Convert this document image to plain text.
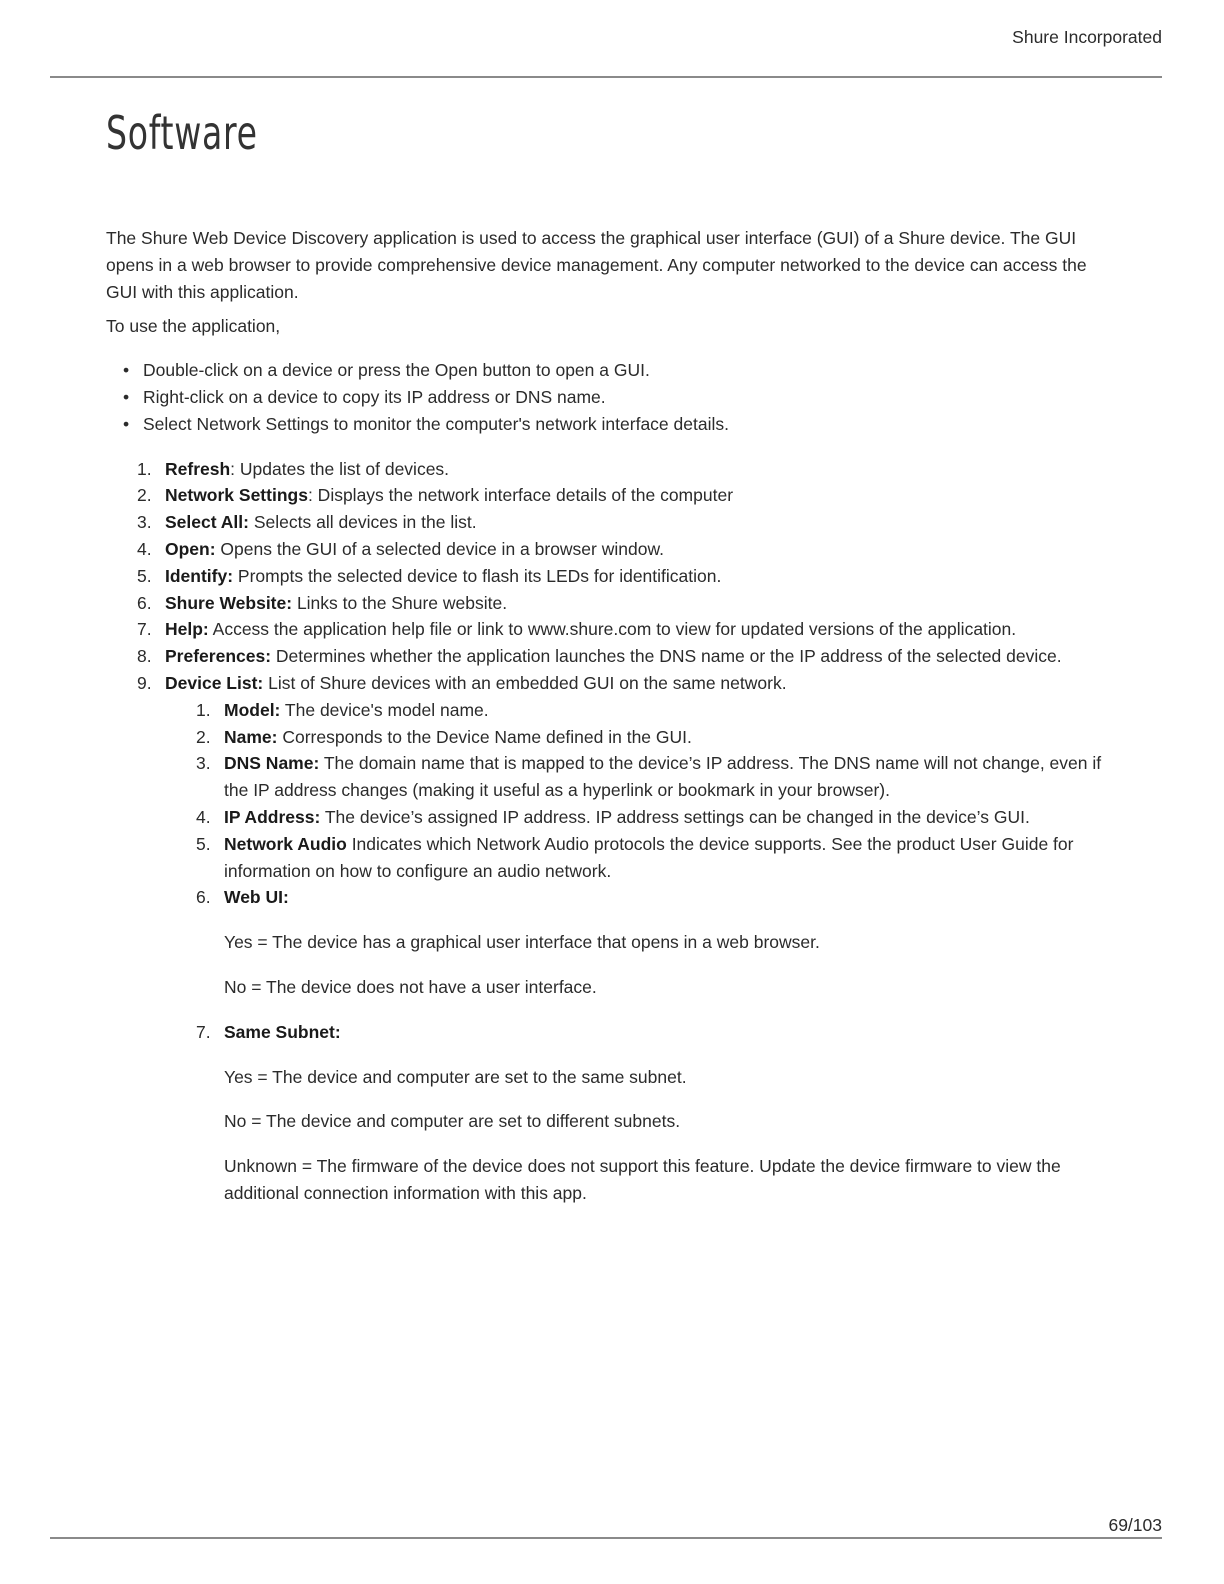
Shure Incorporated
Software

The Shure Web Device Discovery application is used to access the graphical user interface (GUI) of a Shure device. The GUI opens in a web browser to provide comprehensive device management. Any computer networked to the device can access the GUI with this application.

To use the application,

• Double-click on a device or press the Open button to open a GUI.
• Right-click on a device to copy its IP address or DNS name.
• Select Network Settings to monitor the computer's network interface details.
1. Refresh: Updates the list of devices.
2. Network Settings: Displays the network interface details of the computer
3. Select All: Selects all devices in the list.
4. Open: Opens the GUI of a selected device in a browser window.
5. Identify: Prompts the selected device to flash its LEDs for identification.
6. Shure Website: Links to the Shure website.
7. Help: Access the application help file or link to www.shure.com to view for updated versions of the application.
8. Preferences: Determines whether the application launches the DNS name or the IP address of the selected device.
9. Device List: List of Shure devices with an embedded GUI on the same network.
1. Model: The device's model name.
2. Name: Corresponds to the Device Name defined in the GUI.
3. DNS Name: The domain name that is mapped to the device’s IP address. The DNS name will not change, even if the IP address changes (making it useful as a hyperlink or bookmark in your browser).
4. IP Address: The device’s assigned IP address. IP address settings can be changed in the device’s GUI.
5. Network Audio Indicates which Network Audio protocols the device supports. See the product User Guide for information on how to configure an audio network.
6. Web UI:

Yes = The device has a graphical user interface that opens in a web browser.

No = The device does not have a user interface.

7. Same Subnet:

Yes = The device and computer are set to the same subnet.

No = The device and computer are set to different subnets.

Unknown = The firmware of the device does not support this feature. Update the device firmware to view the additional connection information with this app.

69/103
